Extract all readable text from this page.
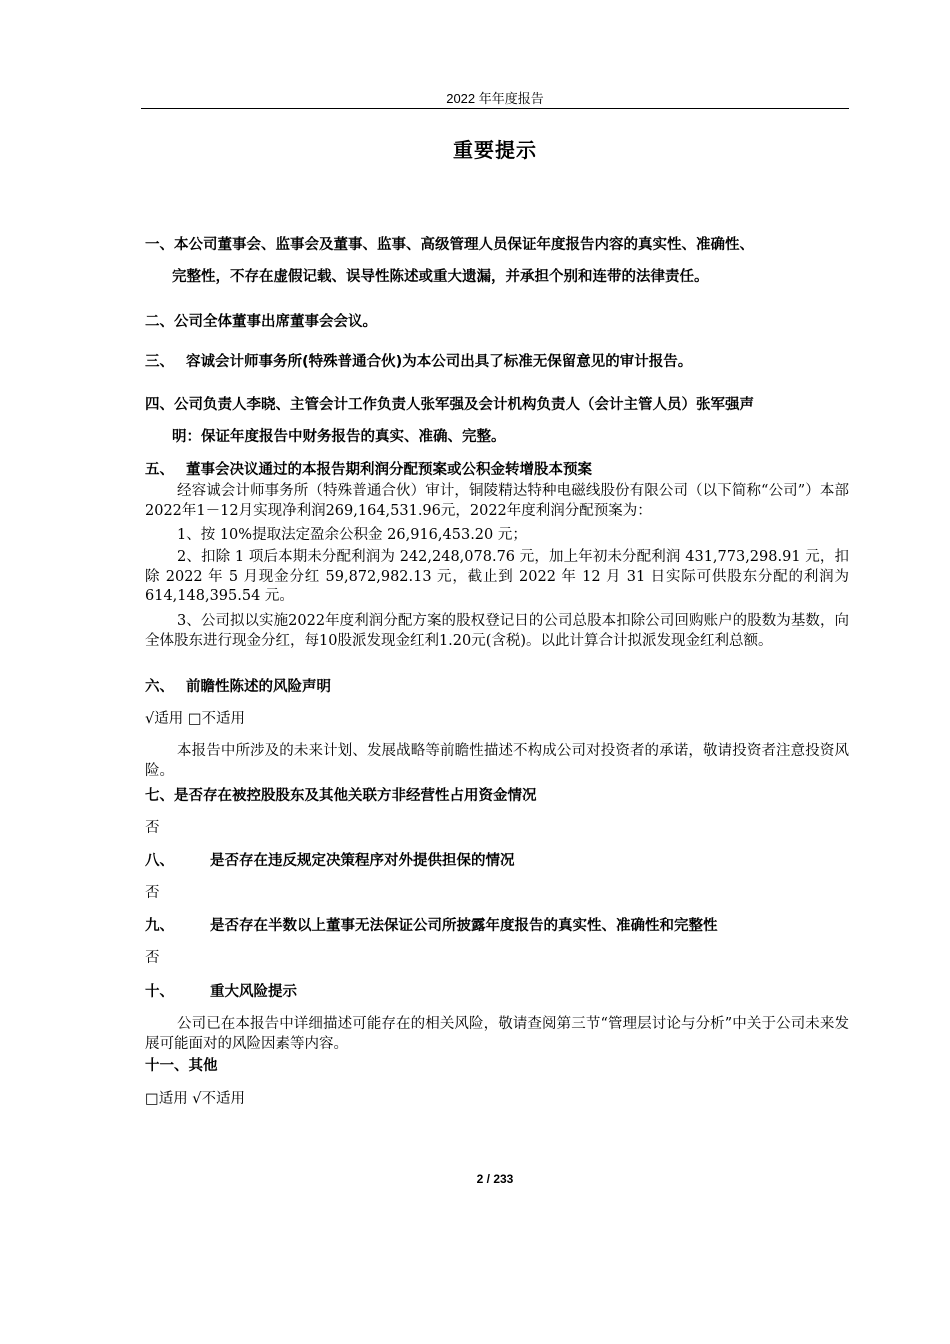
2022 年年度报告
重要提示
一、本公司董事会、监事会及董事、监事、高级管理人员保证年度报告内容的真实性、准确性、
完整性，不存在虚假记载、误导性陈述或重大遗漏，并承担个别和连带的法律责任。
二、公司全体董事出席董事会会议。
三、 容诚会计师事务所(特殊普通合伙)为本公司出具了标准无保留意见的审计报告。
四、公司负责人李晓、主管会计工作负责人张军强及会计机构负责人（会计主管人员）张军强声
明：保证年度报告中财务报告的真实、准确、完整。
五、 董事会决议通过的本报告期利润分配预案或公积金转增股本预案
经容诚会计师事务所（特殊普通合伙）审计，铜陵精达特种电磁线股份有限公司（以下简称“公司”）本部2022年1－12月实现净利润269,164,531.96元，2022年度利润分配预案为：
1、按 10%提取法定盈余公积金 26,916,453.20 元；
2、扣除 1 项后本期未分配利润为 242,248,078.76 元，加上年初未分配利润 431,773,298.91 元，扣除 2022 年 5 月现金分红 59,872,982.13 元，截止到 2022 年 12 月 31 日实际可供股东分配的利润为 614,148,395.54 元。
3、公司拟以实施2022年度利润分配方案的股权登记日的公司总股本扣除公司回购账户的股数为基数，向全体股东进行现金分红，每10股派发现金红利1.20元(含税)。以此计算合计拟派发现金红利总额。
六、 前瞻性陈述的风险声明
√适用 □不适用
本报告中所涉及的未来计划、发展战略等前瞻性描述不构成公司对投资者的承诺，敬请投资者注意投资风险。
七、是否存在被控股股东及其他关联方非经营性占用资金情况
否
八、 是否存在违反规定决策程序对外提供担保的情况
否
九、 是否存在半数以上董事无法保证公司所披露年度报告的真实性、准确性和完整性
否
十、 重大风险提示
公司已在本报告中详细描述可能存在的相关风险，敬请查阅第三节“管理层讨论与分析”中关于公司未来发展可能面对的风险因素等内容。
十一、其他
□适用 √不适用
2 / 233
